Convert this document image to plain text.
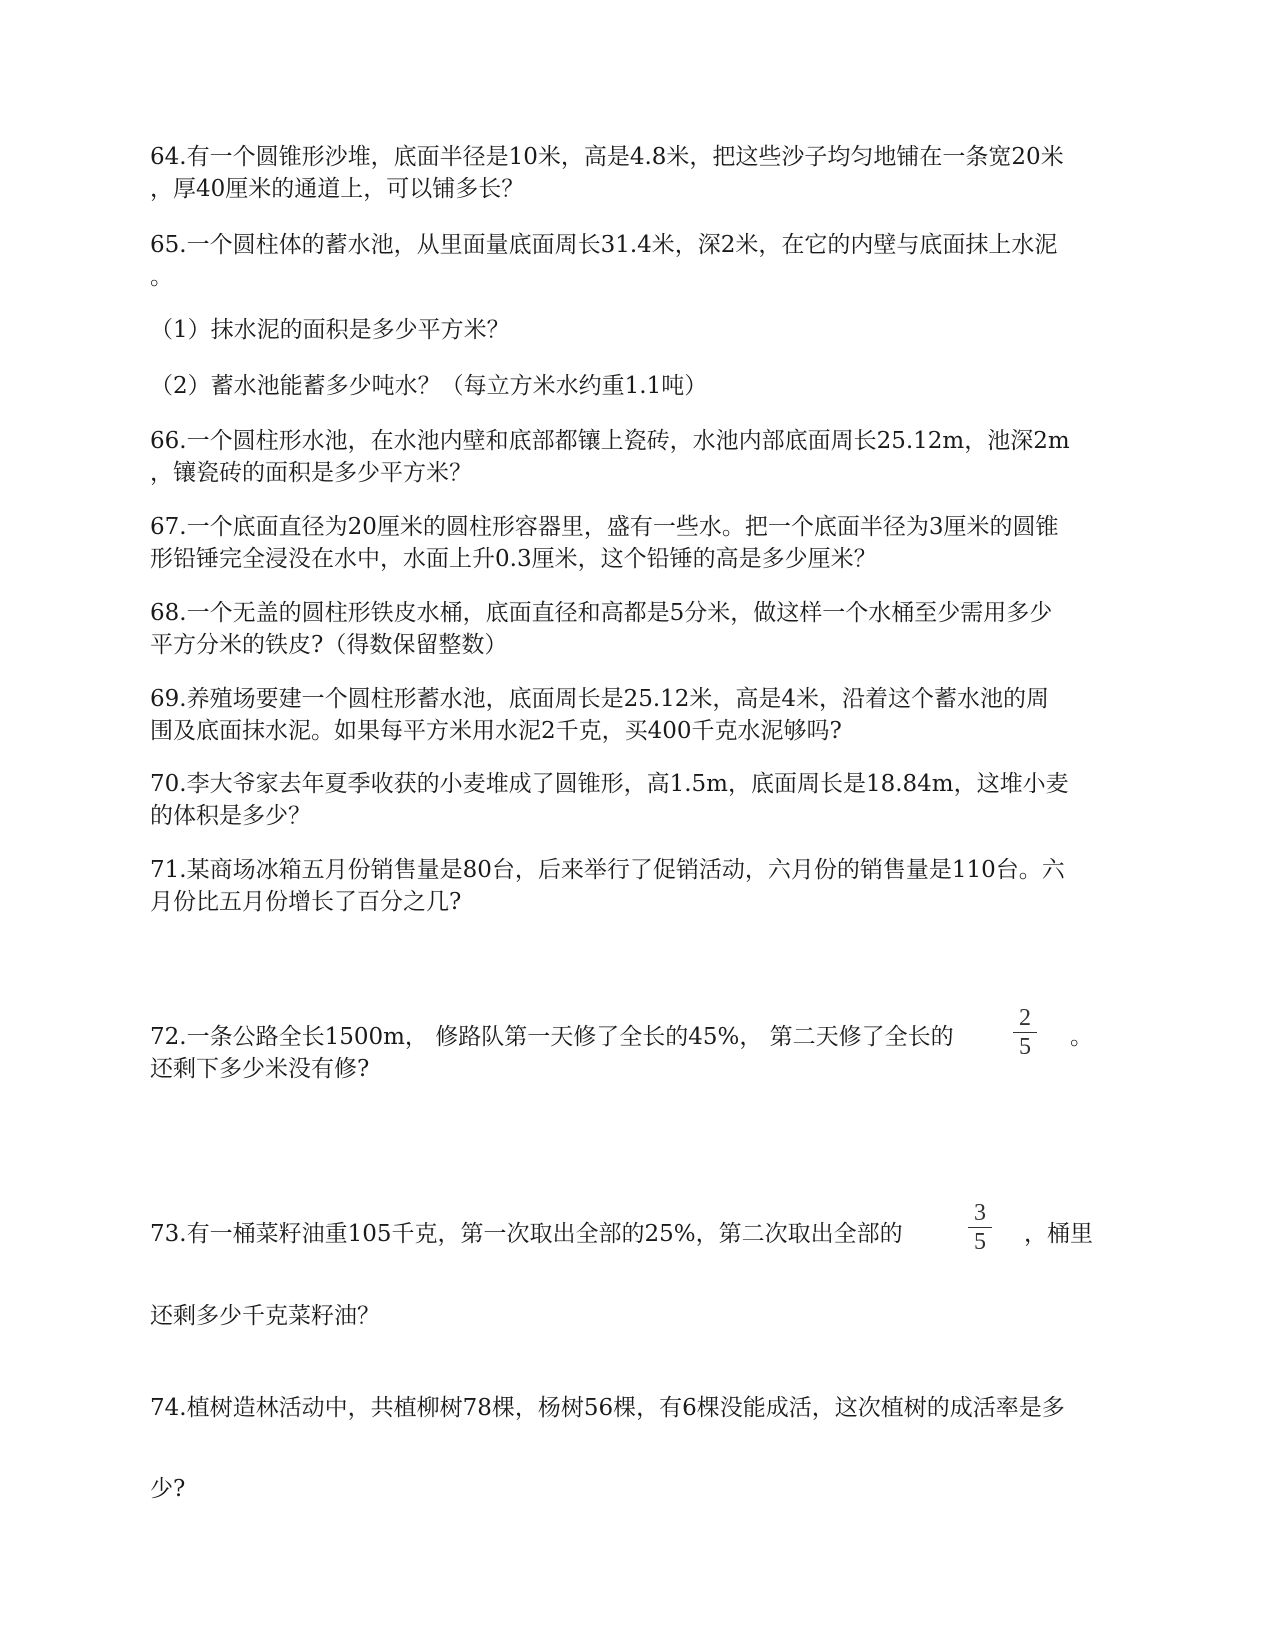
64.有一个圆锥形沙堆，底面半径是10米，高是4.8米，把这些沙子均匀地铺在一条宽20米
，厚40厘米的通道上，可以铺多长？
65.一个圆柱体的蓄水池，从里面量底面周长31.4米，深2米，在它的内壁与底面抹上水泥
。
（1）抹水泥的面积是多少平方米？
（2）蓄水池能蓄多少吨水？（每立方米水约重1.1吨）
66.一个圆柱形水池，在水池内壁和底部都镶上瓷砖，水池内部底面周长25.12m，池深2m
，镶瓷砖的面积是多少平方米？
67.一个底面直径为20厘米的圆柱形容器里，盛有一些水。把一个底面半径为3厘米的圆锥
形铅锤完全浸没在水中，水面上升0.3厘米，这个铅锤的高是多少厘米？
68.一个无盖的圆柱形铁皮水桶，底面直径和高都是5分米，做这样一个水桶至少需用多少
平方分米的铁皮?（得数保留整数）
69.养殖场要建一个圆柱形蓄水池，底面周长是25.12米，高是4米，沿着这个蓄水池的周
围及底面抹水泥。如果每平方米用水泥2千克，买400千克水泥够吗?
70.李大爷家去年夏季收获的小麦堆成了圆锥形，高1.5m，底面周长是18.84m，这堆小麦
的体积是多少？
71.某商场冰箱五月份销售量是80台，后来举行了促销活动，六月份的销售量是110台。六
月份比五月份增长了百分之几?
72.一条公路全长1500m， 修路队第一天修了全长的45%， 第二天修了全长的
2
5	。
还剩下多少米没有修?
73.有一桶菜籽油重105千克，第一次取出全部的25%，第二次取出全部的
3
5	，桶里
还剩多少千克菜籽油？
74.植树造林活动中，共植柳树78棵，杨树56棵，有6棵没能成活，这次植树的成活率是多
少?
